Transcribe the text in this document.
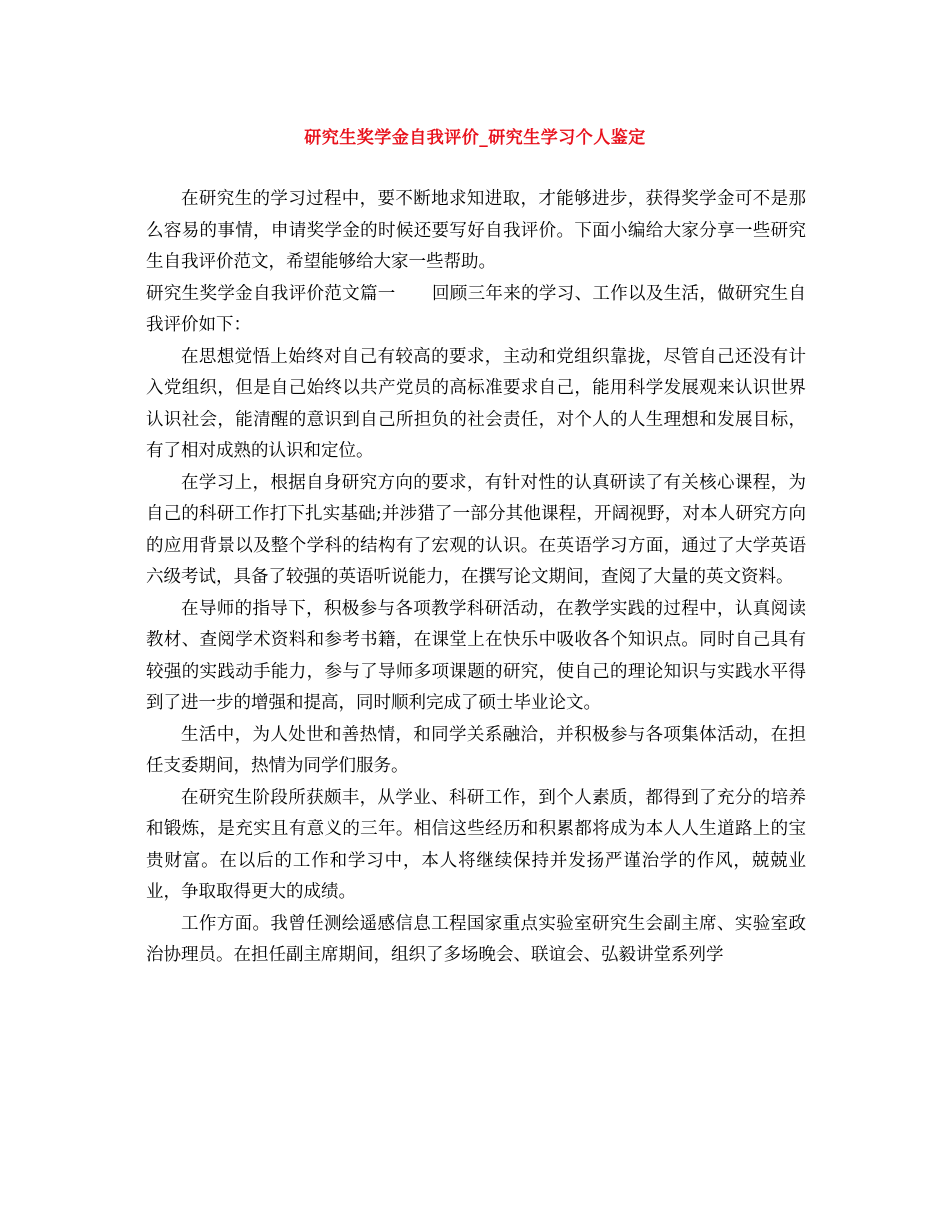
研究生奖学金自我评价_研究生学习个人鉴定

在研究生的学习过程中，要不断地求知进取，才能够进步，获得奖学金可不是那么容易的事情，申请奖学金的时候还要写好自我评价。下面小编给大家分享一些研究生自我评价范文，希望能够给大家一些帮助。

研究生奖学金自我评价范文篇一 回顾三年来的学习、工作以及生活，做研究生自我评价如下：

在思想觉悟上始终对自己有较高的要求，主动和党组织靠拢，尽管自己还没有计入党组织，但是自己始终以共产党员的高标准要求自己，能用科学发展观来认识世界认识社会，能清醒的意识到自己所担负的社会责任，对个人的人生理想和发展目标，有了相对成熟的认识和定位。

在学习上，根据自身研究方向的要求，有针对性的认真研读了有关核心课程，为自己的科研工作打下扎实基础;并涉猎了一部分其他课程，开阔视野，对本人研究方向的应用背景以及整个学科的结构有了宏观的认识。在英语学习方面，通过了大学英语六级考试，具备了较强的英语听说能力，在撰写论文期间，查阅了大量的英文资料。

在导师的指导下，积极参与各项教学科研活动，在教学实践的过程中，认真阅读教材、查阅学术资料和参考书籍，在课堂上在快乐中吸收各个知识点。同时自己具有较强的实践动手能力，参与了导师多项课题的研究，使自己的理论知识与实践水平得到了进一步的增强和提高，同时顺利完成了硕士毕业论文。

生活中，为人处世和善热情，和同学关系融洽，并积极参与各项集体活动，在担任支委期间，热情为同学们服务。

在研究生阶段所获颇丰，从学业、科研工作，到个人素质，都得到了充分的培养和锻炼，是充实且有意义的三年。相信这些经历和积累都将成为本人人生道路上的宝贵财富。在以后的工作和学习中，本人将继续保持并发扬严谨治学的作风，兢兢业业，争取取得更大的成绩。

工作方面。我曾任测绘遥感信息工程国家重点实验室研究生会副主席、实验室政治协理员。在担任副主席期间，组织了多场晚会、联谊会、弘毅讲堂系列学
